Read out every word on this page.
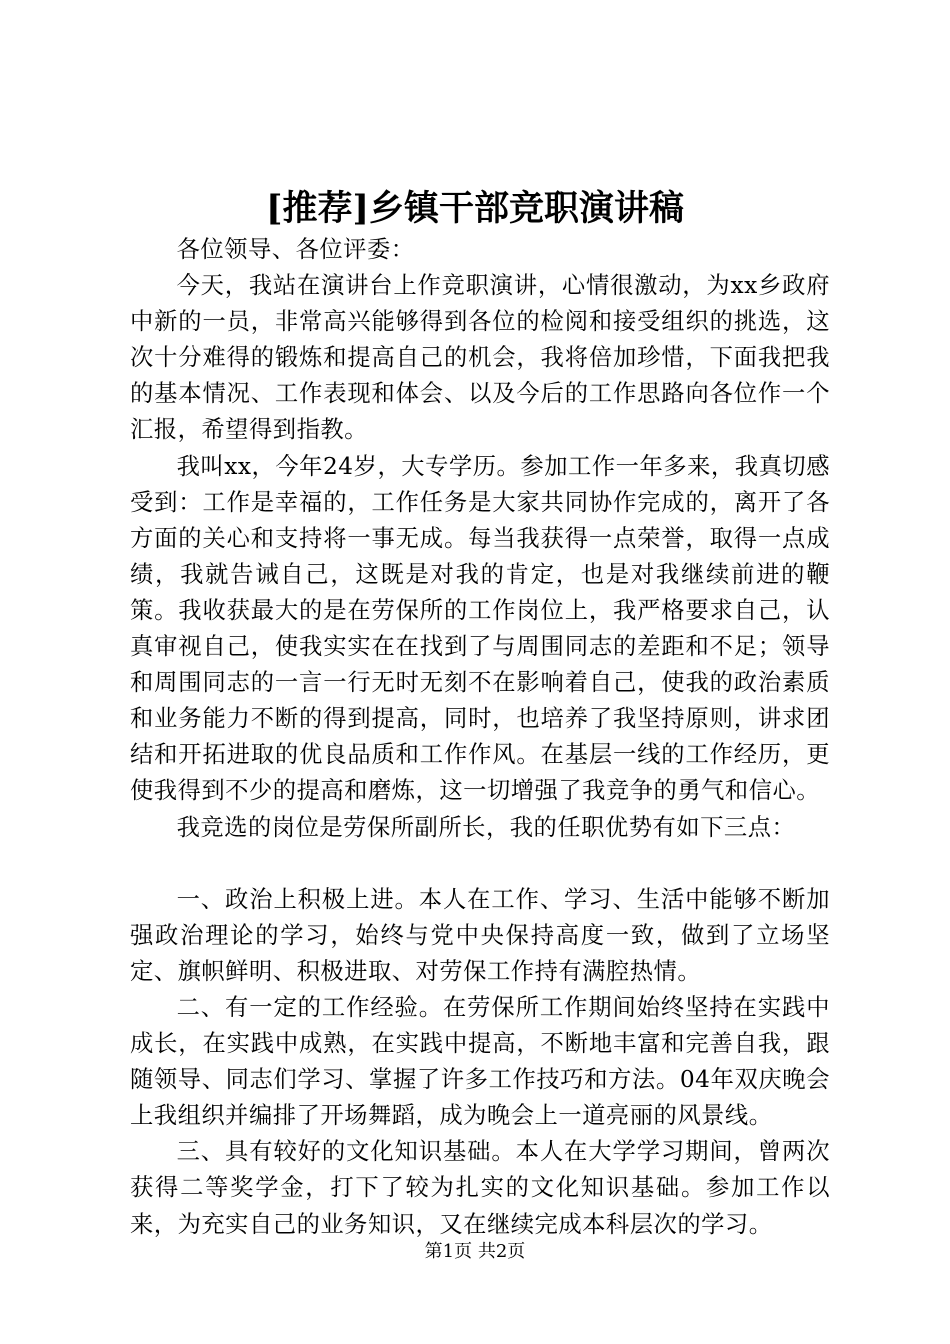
[推荐]乡镇干部竞职演讲稿

各位领导、各位评委：

今天，我站在演讲台上作竞职演讲，心情很激动，为xx乡政府中新的一员，非常高兴能够得到各位的检阅和接受组织的挑选，这次十分难得的锻炼和提高自己的机会，我将倍加珍惜，下面我把我的基本情况、工作表现和体会、以及今后的工作思路向各位作一个汇报，希望得到指教。

我叫xx，今年24岁，大专学历。参加工作一年多来，我真切感受到：工作是幸福的，工作任务是大家共同协作完成的，离开了各方面的关心和支持将一事无成。每当我获得一点荣誉，取得一点成绩，我就告诫自己，这既是对我的肯定，也是对我继续前进的鞭策。我收获最大的是在劳保所的工作岗位上，我严格要求自己，认真审视自己，使我实实在在找到了与周围同志的差距和不足；领导和周围同志的一言一行无时无刻不在影响着自己，使我的政治素质和业务能力不断的得到提高，同时，也培养了我坚持原则，讲求团结和开拓进取的优良品质和工作作风。在基层一线的工作经历，更使我得到不少的提高和磨炼，这一切增强了我竞争的勇气和信心。

我竞选的岗位是劳保所副所长，我的任职优势有如下三点：

一、政治上积极上进。本人在工作、学习、生活中能够不断加强政治理论的学习，始终与党中央保持高度一致，做到了立场坚定、旗帜鲜明、积极进取、对劳保工作持有满腔热情。

二、有一定的工作经验。在劳保所工作期间始终坚持在实践中成长，在实践中成熟，在实践中提高，不断地丰富和完善自我，跟随领导、同志们学习、掌握了许多工作技巧和方法。04年双庆晚会上我组织并编排了开场舞蹈，成为晚会上一道亮丽的风景线。

三、具有较好的文化知识基础。本人在大学学习期间，曾两次获得二等奖学金，打下了较为扎实的文化知识基础。参加工作以来，为充实自己的业务知识，又在继续完成本科层次的学习。

第1页 共2页
